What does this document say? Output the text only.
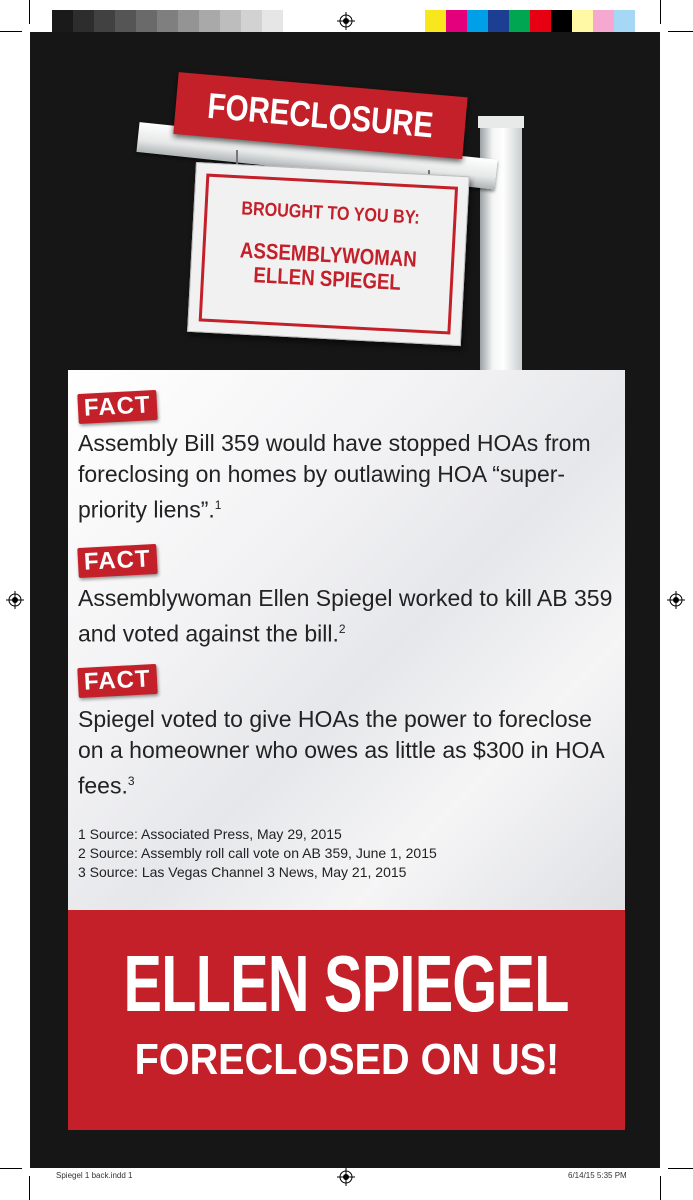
FORECLOSURE
BROUGHT TO YOU BY:
ASSEMBLYWOMAN
ELLEN SPIEGEL
FACT
Assembly Bill 359 would have stopped HOAs from foreclosing on homes by outlawing HOA “super-priority liens”.$^1$
FACT
Assemblywoman Ellen Spiegel worked to kill AB 359 and voted against the bill.$^2$
FACT
Spiegel voted to give HOAs the power to foreclose on a homeowner who owes as little as $300 in HOA fees.$^3$
1 Source: Associated Press, May 29, 2015
2 Source: Assembly roll call vote on AB 359, June 1, 2015
3 Source: Las Vegas Channel 3 News, May 21, 2015
ELLEN SPIEGEL
FORECLOSED ON US!
Spiegel 1 back.indd 1	6/14/15 5:35 PM
